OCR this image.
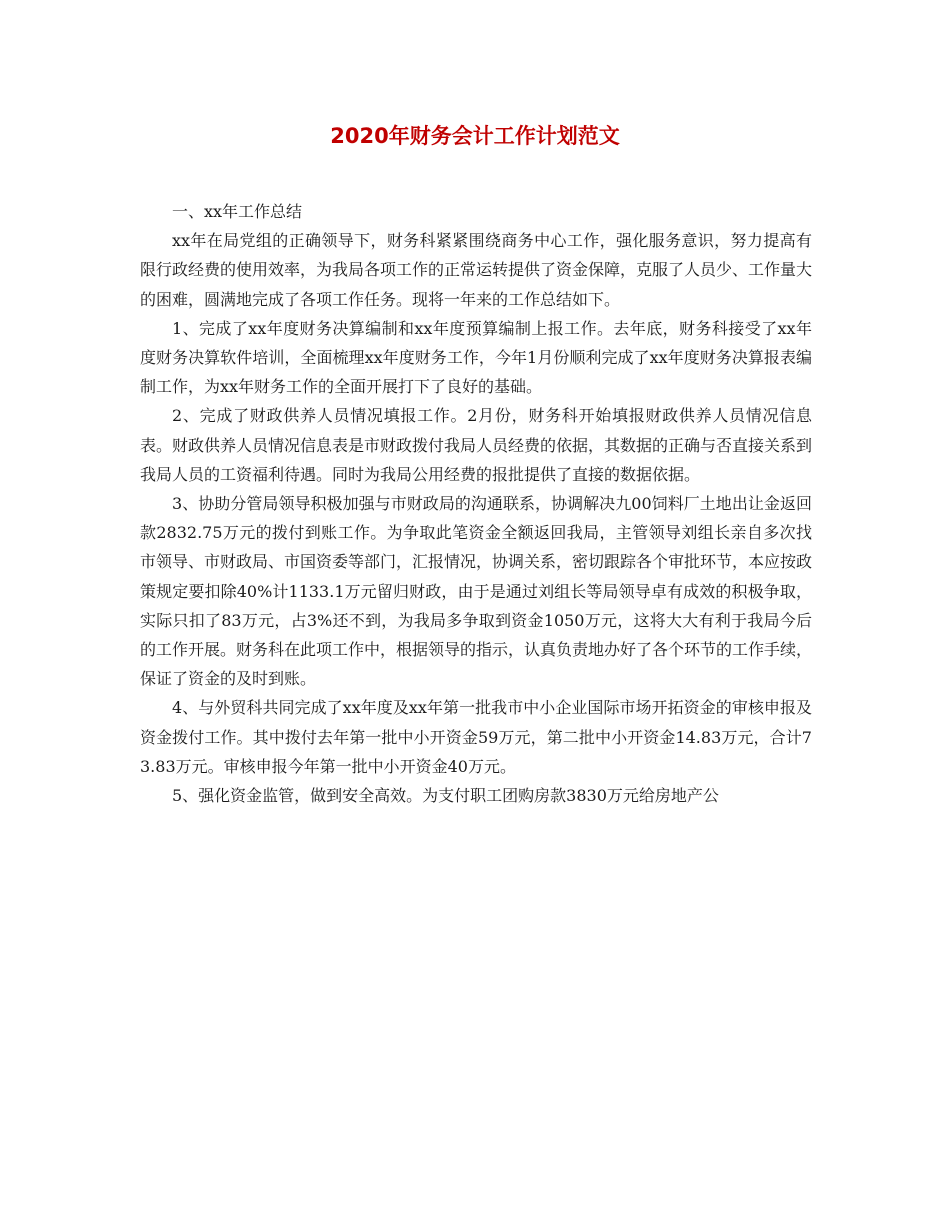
2020年财务会计工作计划范文

一、xx年工作总结

xx年在局党组的正确领导下，财务科紧紧围绕商务中心工作，强化服务意识，努力提高有限行政经费的使用效率，为我局各项工作的正常运转提供了资金保障，克服了人员少、工作量大的困难，圆满地完成了各项工作任务。现将一年来的工作总结如下。

1、完成了xx年度财务决算编制和xx年度预算编制上报工作。去年底，财务科接受了xx年度财务决算软件培训，全面梳理xx年度财务工作，今年1月份顺利完成了xx年度财务决算报表编制工作，为xx年财务工作的全面开展打下了良好的基础。

2、完成了财政供养人员情况填报工作。2月份，财务科开始填报财政供养人员情况信息表。财政供养人员情况信息表是市财政拨付我局人员经费的依据，其数据的正确与否直接关系到我局人员的工资福利待遇。同时为我局公用经费的报批提供了直接的数据依据。

3、协助分管局领导积极加强与市财政局的沟通联系，协调解决九00饲料厂土地出让金返回款2832.75万元的拨付到账工作。为争取此笔资金全额返回我局，主管领导刘组长亲自多次找市领导、市财政局、市国资委等部门，汇报情况，协调关系，密切跟踪各个审批环节，本应按政策规定要扣除40%计1133.1万元留归财政，由于是通过刘组长等局领导卓有成效的积极争取，实际只扣了83万元，占3%还不到，为我局多争取到资金1050万元，这将大大有利于我局今后的工作开展。财务科在此项工作中，根据领导的指示，认真负责地办好了各个环节的工作手续，保证了资金的及时到账。

4、与外贸科共同完成了xx年度及xx年第一批我市中小企业国际市场开拓资金的审核申报及资金拨付工作。其中拨付去年第一批中小开资金59万元，第二批中小开资金14.83万元，合计73.83万元。审核申报今年第一批中小开资金40万元。

5、强化资金监管，做到安全高效。为支付职工团购房款3830万元给房地产公
